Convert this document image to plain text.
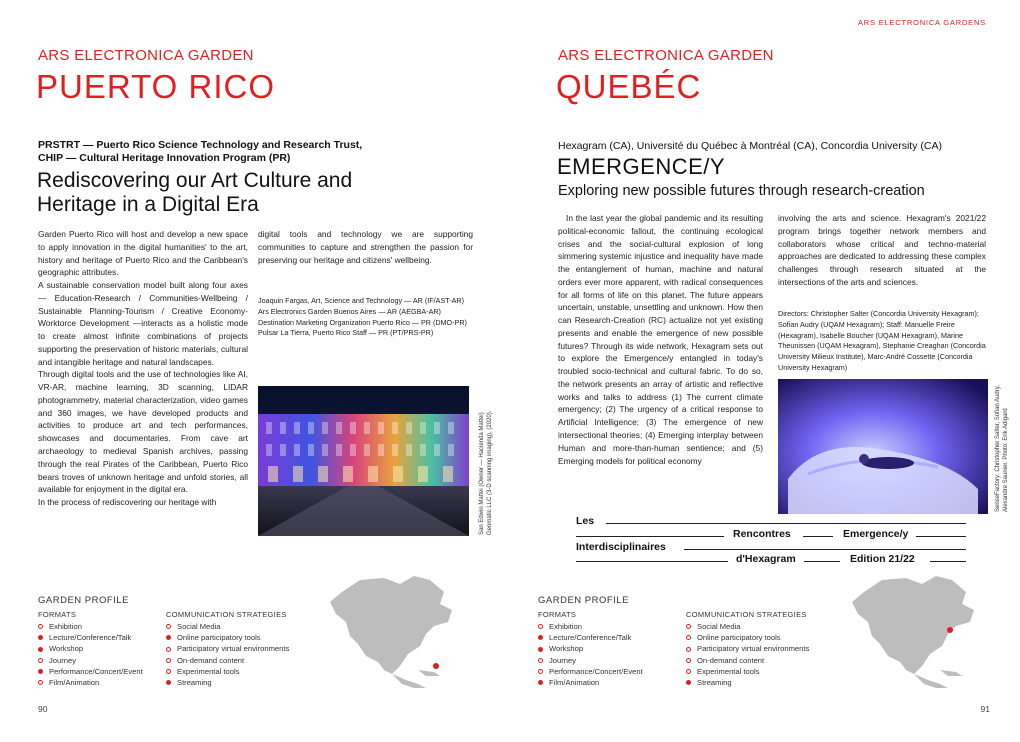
ARS ELECTRONICA GARDEN
PUERTO RICO
PRSTRT — Puerto Rico Science Technology and Research Trust, CHIP — Cultural Heritage Innovation Program (PR)
Rediscovering our Art Culture and Heritage in a Digital Era

Garden Puerto Rico will host and develop a new space to apply innovation in the digital humanities' to the art, history and heritage of Puerto Rico and the Caribbean's geographic attributes.

A sustainable conservation model built along four axes — Education-Research / Communities-Wellbeing / Sustainable Planning-Tourism / Creative Economy-Worktorce Development —interacts as a holistic mode to create almost infinite combinations of projects supporting the preservation of historic materials, cultural and intangible heritage and natural landscapes.

Through digital tools and the use of technologies like AI, VR-AR, machine learning, 3D scanning, LIDAR photogrammetry, material characterization, video games and 360 images, we have developed products and activities to produce art and tech performances, showcases and documentaries. From cave art archaeology to medieval Spanish archives, passing through the real Pirates of the Caribbean, Puerto Rico bears troves of unknown heritage and unfold stories, all available for enjoyment in the digital era.

In the process of rediscovering our heritage with

digital tools and technology we are supporting communities to capture and strengthen the passion for preserving our heritage and citizens' wellbeing.

Joaquin Fargas, Art, Science and Technology — AR (IF/AST-AR)
Ars Electronics Garden Buenos Aires — AR (AEGBA-AR)
Destination Marketing Organization Puerto Rico — PR (DMO-PR)
Pulsar La Tierra, Puerto Rico Staff — PR (PT/PRS-PR)
San Edwin Mattei (Owner — Hacienda Mattei) Geomatic LLC (3-D scanning imaging), (2020).
GARDEN PROFILE
FORMATS
Exhibition
Lecture/Conference/Talk
Workshop
Journey
Performance/Concert/Event
Film/Animation
COMMUNICATION STRATEGIES
Social Media
Online participatory tools
Participatory virtual environments
On-demand content
Experimental tools
Streaming
90
ARS ELECTRONICA GARDENS
ARS ELECTRONICA GARDEN
QUEBÉC
Hexagram (CA), Université du Québec à Montréal (CA), Concordia University (CA)
EMERGENCE/Y
Exploring new possible futures through research-creation

In the last year the global pandemic and its resulting political-economic fallout, the continuing ecological crises and the social-cultural explosion of long simmering systemic injustice and inequality have made the entanglement of human, machine and natural orders ever more apparent, with radical consequences for all forms of life on this planet. The future appears uncertain, unstable, unsettling and unknown. How then can Research-Creation (RC) actualize not yet existing presents and enable the emergence of new possible futures? Through its wide network, Hexagram sets out to explore the Emergence/y entangled in today's troubled socio-technical and cultural fabric. To do so, the network presents an array of artistic and reflective works and talks to address (1) The current climate emergency; (2) The urgency of a critical response to Artificial Intelligence; (3) The emergence of new intersectional theories; (4) Emerging interplay between Human and more-than-human sentience; and (5) Emerging models for political economy

involving the arts and science. Hexagram's 2021/22 program brings together network members and collaborators whose critical and techno-material approaches are dedicated to addressing these complex challenges through research situated at the intersections of the arts and sciences.

Directors: Christopher Salter (Concordia University Hexagram); Sofian Audry (UQAM Hexagram); Staff: Manuelle Freire (Hexagram), Isabelle Boucher (UQAM Hexagram), Marine Theunissen (UQAM Hexagram), Stephanie Creaghan (Concordia University Milieux Institute), Marc-André Cossette (Concordia University Hexagram)
SenseFactory: Christopher Salter, Sofian Audry, Alexandre Saunier. Photo: Erik Adigard
Les
Rencontres	Emergence/y
Interdisciplinaires
d'Hexagram	Edition 21/22
GARDEN PROFILE
FORMATS
Exhibition
Lecture/Conference/Talk
Workshop
Journey
Performance/Concert/Event
Film/Animation
COMMUNICATION STRATEGIES
Social Media
Online participatory tools
Participatory virtual environments
On-demand content
Experimental tools
Streaming
91
